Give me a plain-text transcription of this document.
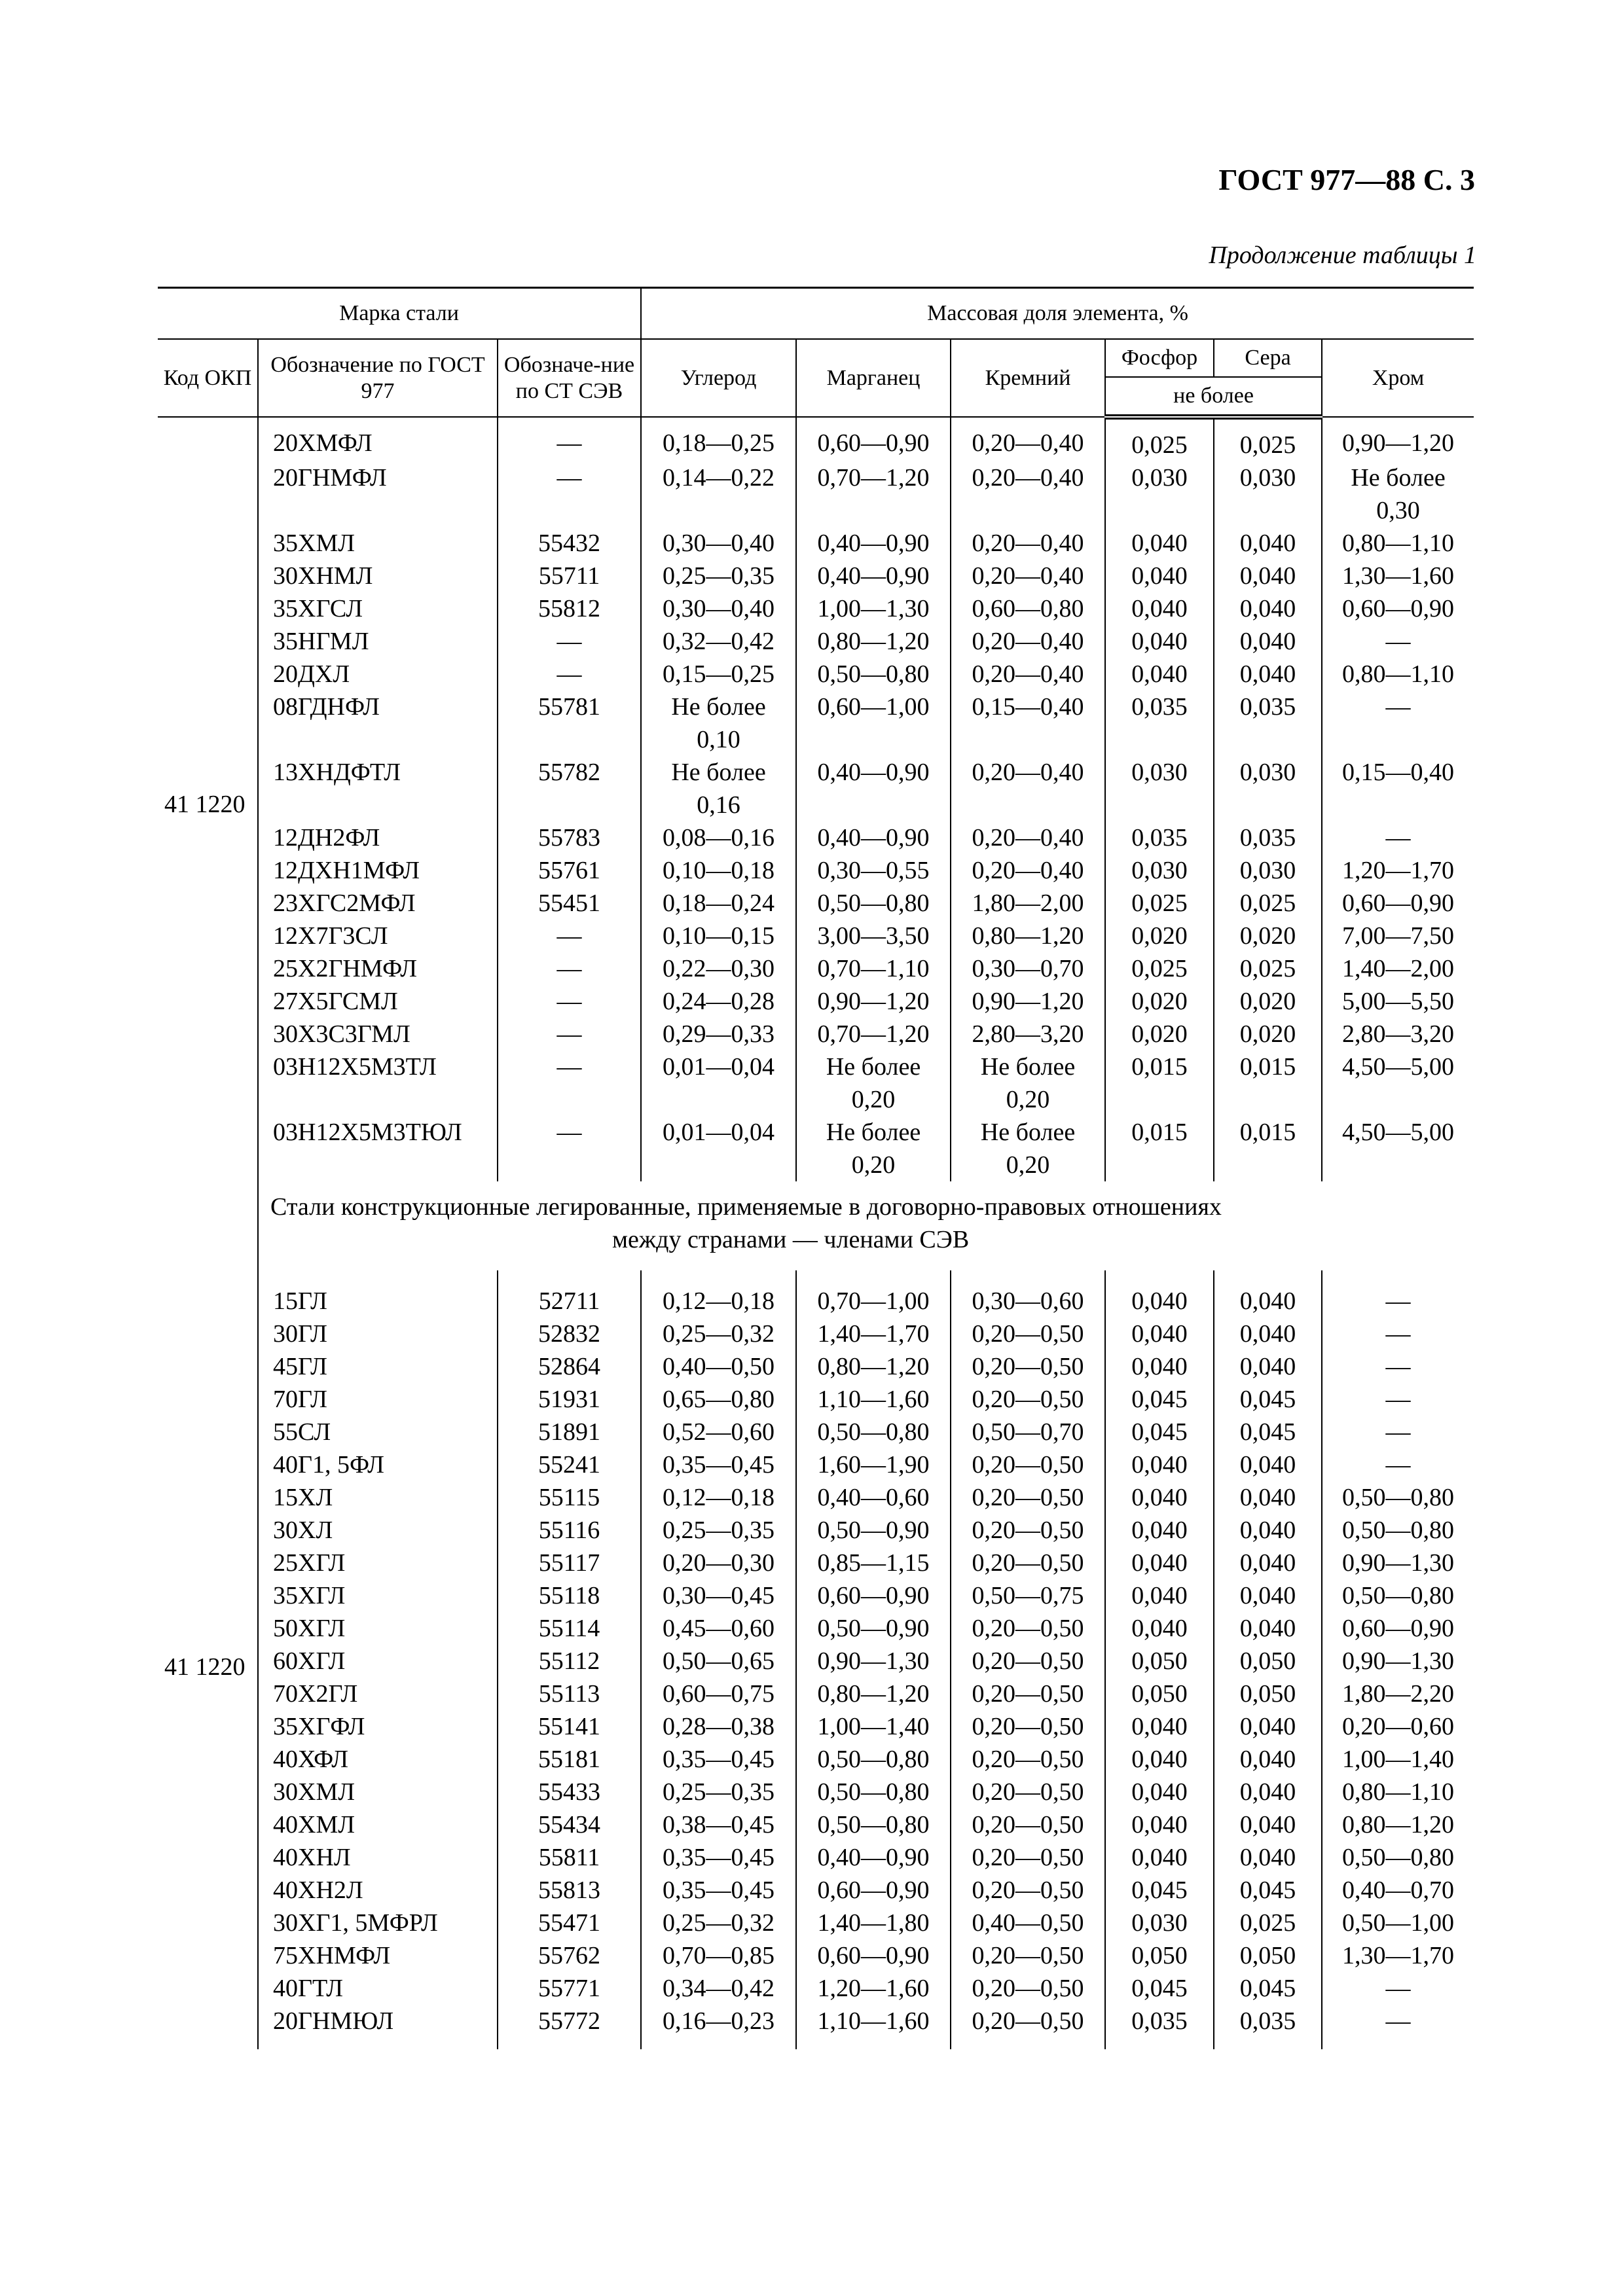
ГОСТ 977—88 С. 3
Продолжение таблицы 1
Марка стали			Массовая доля элемента, %					
Код ОКП	Обозначение по ГОСТ 977	Обозначе-ние по СТ СЭВ	Углерод	Марганец	Кремний	Фосфор	Сера	Хром
						не более		
41 1220	20ХМФЛ	—	0,18—0,25	0,60—0,90	0,20—0,40	0,025	0,025	0,90—1,20

	20ГНМФЛ	—	0,14—0,22	0,70—1,20	0,20—0,40	0,030	0,030	Не более
0,30

	35ХМЛ	55432	0,30—0,40	0,40—0,90	0,20—0,40	0,040	0,040	0,80—1,10

	30ХНМЛ	55711	0,25—0,35	0,40—0,90	0,20—0,40	0,040	0,040	1,30—1,60

	35ХГСЛ	55812	0,30—0,40	1,00—1,30	0,60—0,80	0,040	0,040	0,60—0,90

	35НГМЛ	—	0,32—0,42	0,80—1,20	0,20—0,40	0,040	0,040	—

	20ДХЛ	—	0,15—0,25	0,50—0,80	0,20—0,40	0,040	0,040	0,80—1,10

	08ГДНФЛ	55781	Не более
0,10	0,60—1,00	0,15—0,40	0,035	0,035	—

	13ХНДФТЛ	55782	Не более
0,16	0,40—0,90	0,20—0,40	0,030	0,030	0,15—0,40

	12ДН2ФЛ	55783	0,08—0,16	0,40—0,90	0,20—0,40	0,035	0,035	—

	12ДХН1МФЛ	55761	0,10—0,18	0,30—0,55	0,20—0,40	0,030	0,030	1,20—1,70

	23ХГС2МФЛ	55451	0,18—0,24	0,50—0,80	1,80—2,00	0,025	0,025	0,60—0,90

	12Х7Г3СЛ	—	0,10—0,15	3,00—3,50	0,80—1,20	0,020	0,020	7,00—7,50

	25Х2ГНМФЛ	—	0,22—0,30	0,70—1,10	0,30—0,70	0,025	0,025	1,40—2,00

	27Х5ГСМЛ	—	0,24—0,28	0,90—1,20	0,90—1,20	0,020	0,020	5,00—5,50

	30Х3С3ГМЛ	—	0,29—0,33	0,70—1,20	2,80—3,20	0,020	0,020	2,80—3,20

	03Н12Х5М3ТЛ	—	0,01—0,04	Не более
0,20	Не более
0,20	0,015	0,015	4,50—5,00

	03Н12Х5М3ТЮЛ	—	0,01—0,04	Не более
0,20	Не более
0,20	0,015	0,015	4,50—5,00

	Стали конструкционные легированные, применяемые в договорно-правовых отношениях
между странами — членами СЭВ							

41 1220	15ГЛ	52711	0,12—0,18	0,70—1,00	0,30—0,60	0,040	0,040	—

	30ГЛ	52832	0,25—0,32	1,40—1,70	0,20—0,50	0,040	0,040	—

	45ГЛ	52864	0,40—0,50	0,80—1,20	0,20—0,50	0,040	0,040	—

	70ГЛ	51931	0,65—0,80	1,10—1,60	0,20—0,50	0,045	0,045	—

	55СЛ	51891	0,52—0,60	0,50—0,80	0,50—0,70	0,045	0,045	—

	40Г1, 5ФЛ	55241	0,35—0,45	1,60—1,90	0,20—0,50	0,040	0,040	—

	15ХЛ	55115	0,12—0,18	0,40—0,60	0,20—0,50	0,040	0,040	0,50—0,80

	30ХЛ	55116	0,25—0,35	0,50—0,90	0,20—0,50	0,040	0,040	0,50—0,80

	25ХГЛ	55117	0,20—0,30	0,85—1,15	0,20—0,50	0,040	0,040	0,90—1,30

	35ХГЛ	55118	0,30—0,45	0,60—0,90	0,50—0,75	0,040	0,040	0,50—0,80

	50ХГЛ	55114	0,45—0,60	0,50—0,90	0,20—0,50	0,040	0,040	0,60—0,90

	60ХГЛ	55112	0,50—0,65	0,90—1,30	0,20—0,50	0,050	0,050	0,90—1,30

	70Х2ГЛ	55113	0,60—0,75	0,80—1,20	0,20—0,50	0,050	0,050	1,80—2,20

	35ХГФЛ	55141	0,28—0,38	1,00—1,40	0,20—0,50	0,040	0,040	0,20—0,60

	40ХФЛ	55181	0,35—0,45	0,50—0,80	0,20—0,50	0,040	0,040	1,00—1,40

	30ХМЛ	55433	0,25—0,35	0,50—0,80	0,20—0,50	0,040	0,040	0,80—1,10

	40ХМЛ	55434	0,38—0,45	0,50—0,80	0,20—0,50	0,040	0,040	0,80—1,20

	40ХНЛ	55811	0,35—0,45	0,40—0,90	0,20—0,50	0,040	0,040	0,50—0,80

	40ХН2Л	55813	0,35—0,45	0,60—0,90	0,20—0,50	0,045	0,045	0,40—0,70

	30ХГ1, 5МФРЛ	55471	0,25—0,32	1,40—1,80	0,40—0,50	0,030	0,025	0,50—1,00

	75ХНМФЛ	55762	0,70—0,85	0,60—0,90	0,20—0,50	0,050	0,050	1,30—1,70

	40ГТЛ	55771	0,34—0,42	1,20—1,60	0,20—0,50	0,045	0,045	—

	20ГНМЮЛ	55772	0,16—0,23	1,10—1,60	0,20—0,50	0,035	0,035	—
